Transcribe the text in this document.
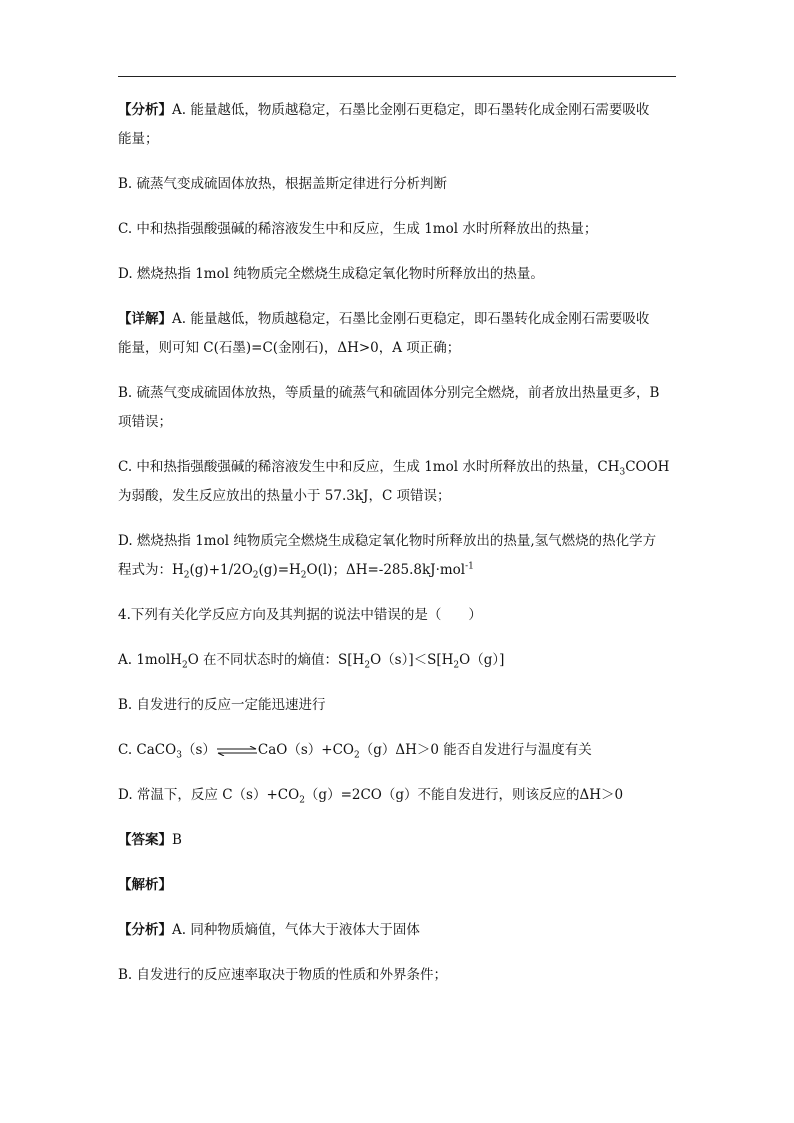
【分析】A. 能量越低，物质越稳定，石墨比金刚石更稳定，即石墨转化成金刚石需要吸收
能量；

B. 硫蒸气变成硫固体放热，根据盖斯定律进行分析判断

C. 中和热指强酸强碱的稀溶液发生中和反应，生成 1mol 水时所释放出的热量；

D. 燃烧热指 1mol 纯物质完全燃烧生成稳定氧化物时所释放出的热量。

【详解】A. 能量越低，物质越稳定，石墨比金刚石更稳定，即石墨转化成金刚石需要吸收
能量，则可知 C(石墨)=C(金刚石)，ΔH>0，A 项正确；

B. 硫蒸气变成硫固体放热，等质量的硫蒸气和硫固体分别完全燃烧，前者放出热量更多，B
项错误；

C. 中和热指强酸强碱的稀溶液发生中和反应，生成 1mol 水时所释放出的热量，$CH_3COOH$
为弱酸，发生反应放出的热量小于 57.3kJ，C 项错误；

D. 燃烧热指 1mol 纯物质完全燃烧生成稳定氧化物时所释放出的热量,氢气燃烧的热化学方
程式为：$H_2(g)+1/2O_2(g)=H_2O(l)$；ΔH=-285.8kJ·mol$^{-1}$

4.下列有关化学反应方向及其判据的说法中错误的是（　　）

A. 1molH$_2$O 在不同状态时的熵值：$S[H_2O(s)]<S[H_2O(g)]$

B. 自发进行的反应一定能迅速进行

C. $CaCO_3(s)\rightleftharpoons CaO(s)+CO_2(g)\Delta H>0$ 能否自发进行与温度有关

D. 常温下，反应 $C(s)+CO_2(g)=2CO(g)$不能自发进行，则该反应的ΔH＞0

【答案】B

【解析】

【分析】A. 同种物质熵值，气体大于液体大于固体

B. 自发进行的反应速率取决于物质的性质和外界条件；
